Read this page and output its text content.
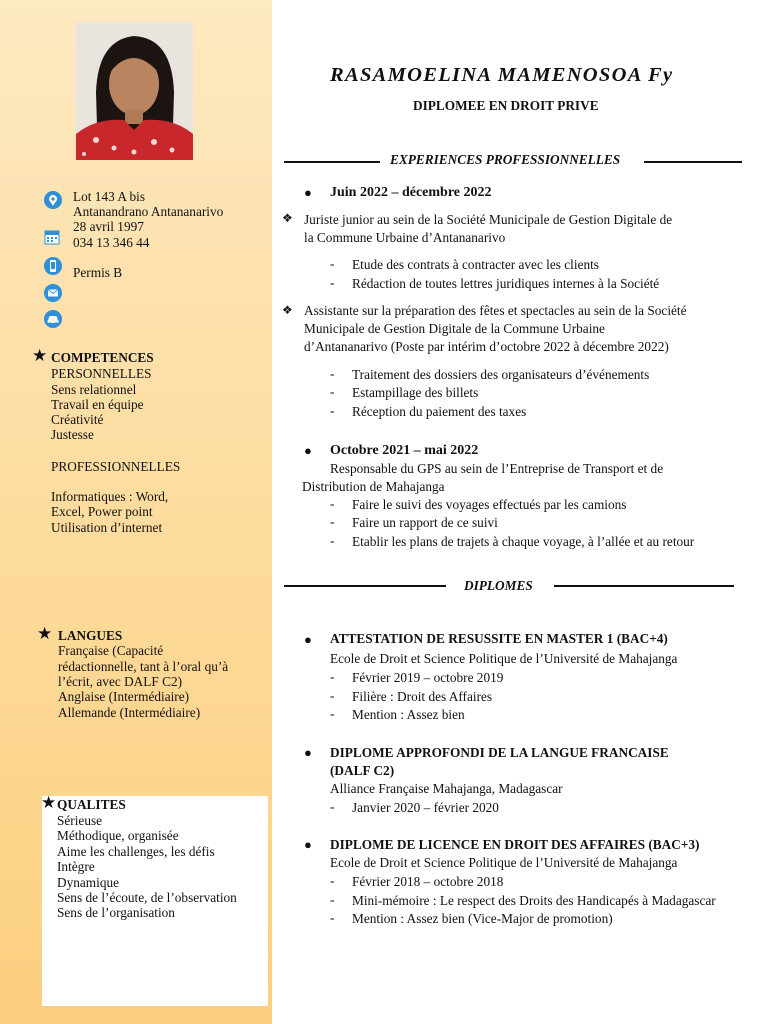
Lot 143 A bis
Antanandrano Antananarivo
28 avril 1997
034 13 346 44
Permis B
★ COMPETENCES
PERSONNELLES
Sens relationnel
Travail en équipe
Créativité
Justesse
PROFESSIONNELLES
Informatiques : Word,
Excel, Power point
Utilisation d’internet
★ LANGUES
Française (Capacité
rédactionnelle, tant à l’oral qu’à
l’écrit, avec DALF C2)
Anglaise (Intermédiaire)
Allemande (Intermédiaire)
★ QUALITES
Sérieuse
Méthodique, organisée
Aime les challenges, les défis
Intègre
Dynamique
Sens de l’écoute, de l’observation
Sens de l’organisation
RASAMOELINA MAMENOSOA Fy
DIPLOMEE EN DROIT PRIVE
EXPERIENCES PROFESSIONNELLES
● Juin 2022 – décembre 2022
❖ Juriste junior au sein de la Société Municipale de Gestion Digitale de
la Commune Urbaine d’Antananarivo
- Etude des contrats à contracter avec les clients
- Rédaction de toutes lettres juridiques internes à la Société
❖ Assistante sur la préparation des fêtes et spectacles au sein de la Société
Municipale de Gestion Digitale de la Commune Urbaine
d’Antananarivo (Poste par intérim d’octobre 2022 à décembre 2022)
- Traitement des dossiers des organisateurs d’événements
- Estampillage des billets
- Réception du paiement des taxes
● Octobre 2021 – mai 2022
Responsable du GPS au sein de l’Entreprise de Transport et de
Distribution de Mahajanga
- Faire le suivi des voyages effectués par les camions
- Faire un rapport de ce suivi
- Etablir les plans de trajets à chaque voyage, à l’allée et au retour
DIPLOMES
● ATTESTATION DE RESUSSITE EN MASTER 1 (BAC+4)
Ecole de Droit et Science Politique de l’Université de Mahajanga
- Février 2019 – octobre 2019
- Filière : Droit des Affaires
- Mention : Assez bien
● DIPLOME APPROFONDI DE LA LANGUE FRANCAISE
(DALF C2)
Alliance Française Mahajanga, Madagascar
- Janvier 2020 – février 2020
● DIPLOME DE LICENCE EN DROIT DES AFFAIRES (BAC+3)
Ecole de Droit et Science Politique de l’Université de Mahajanga
- Février 2018 – octobre 2018
- Mini-mémoire : Le respect des Droits des Handicapés à Madagascar
- Mention : Assez bien (Vice-Major de promotion)
